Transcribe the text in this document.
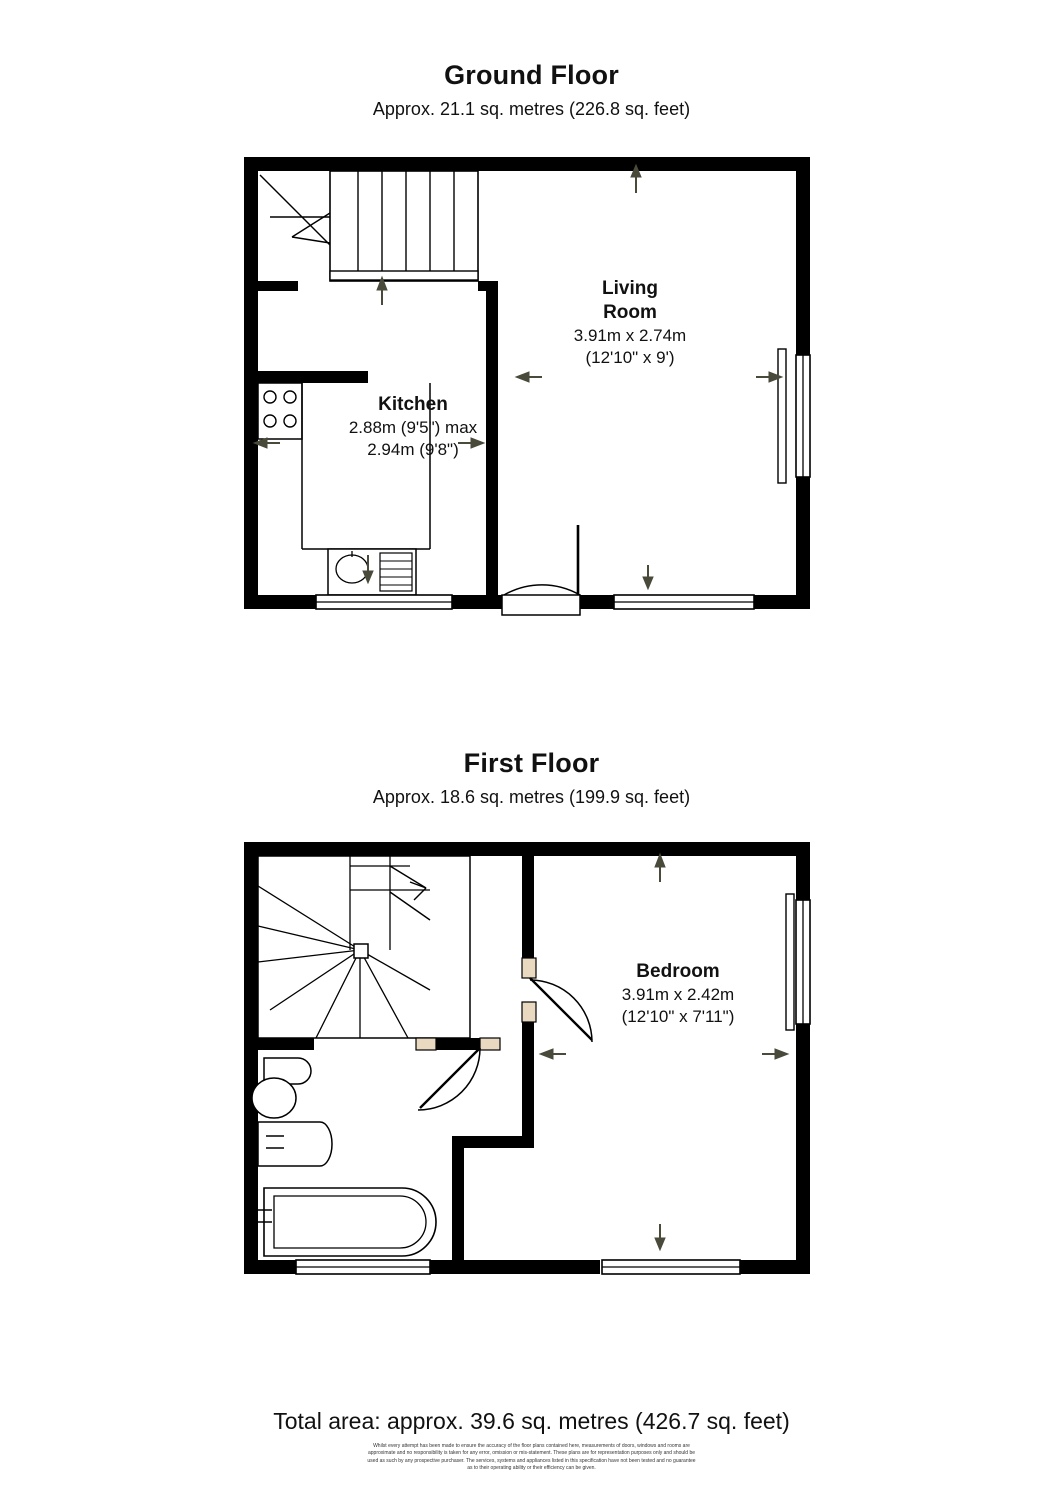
Ground Floor
Approx. 21.1 sq. metres (226.8 sq. feet)
Living
Room
3.91m x 2.74m
(12'10" x 9')
Kitchen
2.88m (9'5") max
2.94m (9'8")
First Floor
Approx. 18.6 sq. metres (199.9 sq. feet)
Bedroom
3.91m x 2.42m
(12'10" x 7'11")
Total area: approx. 39.6 sq. metres (426.7 sq. feet)
Whilst every attempt has been made to ensure the accuracy of the floor plans contained here, measurements of doors, windows and rooms are approximate and no responsibility is taken for any error, omission or mis-statement. These plans are for representation purposes only and should be used as such by any prospective purchaser. The services, systems and appliances listed in this specification have not been tested and no guarantee as to their operating ability or their efficiency can be given.
